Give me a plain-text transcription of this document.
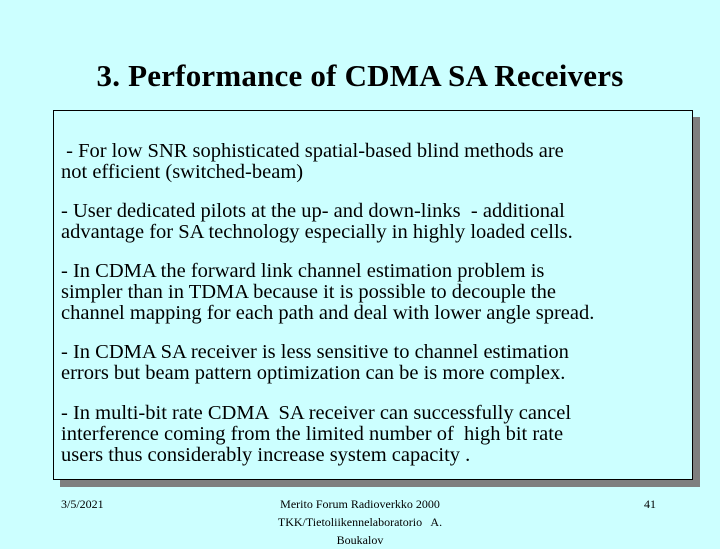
3. Performance of CDMA SA Receivers
- For low SNR sophisticated spatial-based blind methods are
not efficient (switched-beam)
- User dedicated pilots at the up- and down-links  - additional
advantage for SA technology especially in highly loaded cells.
- In CDMA the forward link channel estimation problem is
simpler than in TDMA because it is possible to decouple the
channel mapping for each path and deal with lower angle spread.
- In CDMA SA receiver is less sensitive to channel estimation
errors but beam pattern optimization can be is more complex.
- In multi-bit rate CDMA  SA receiver can successfully cancel
interference coming from the limited number of  high bit rate
users thus considerably increase system capacity .
3/5/2021	Merito Forum Radioverkko 2000
TKK/Tietoliikennelaboratorio   A.
Boukalov
41
